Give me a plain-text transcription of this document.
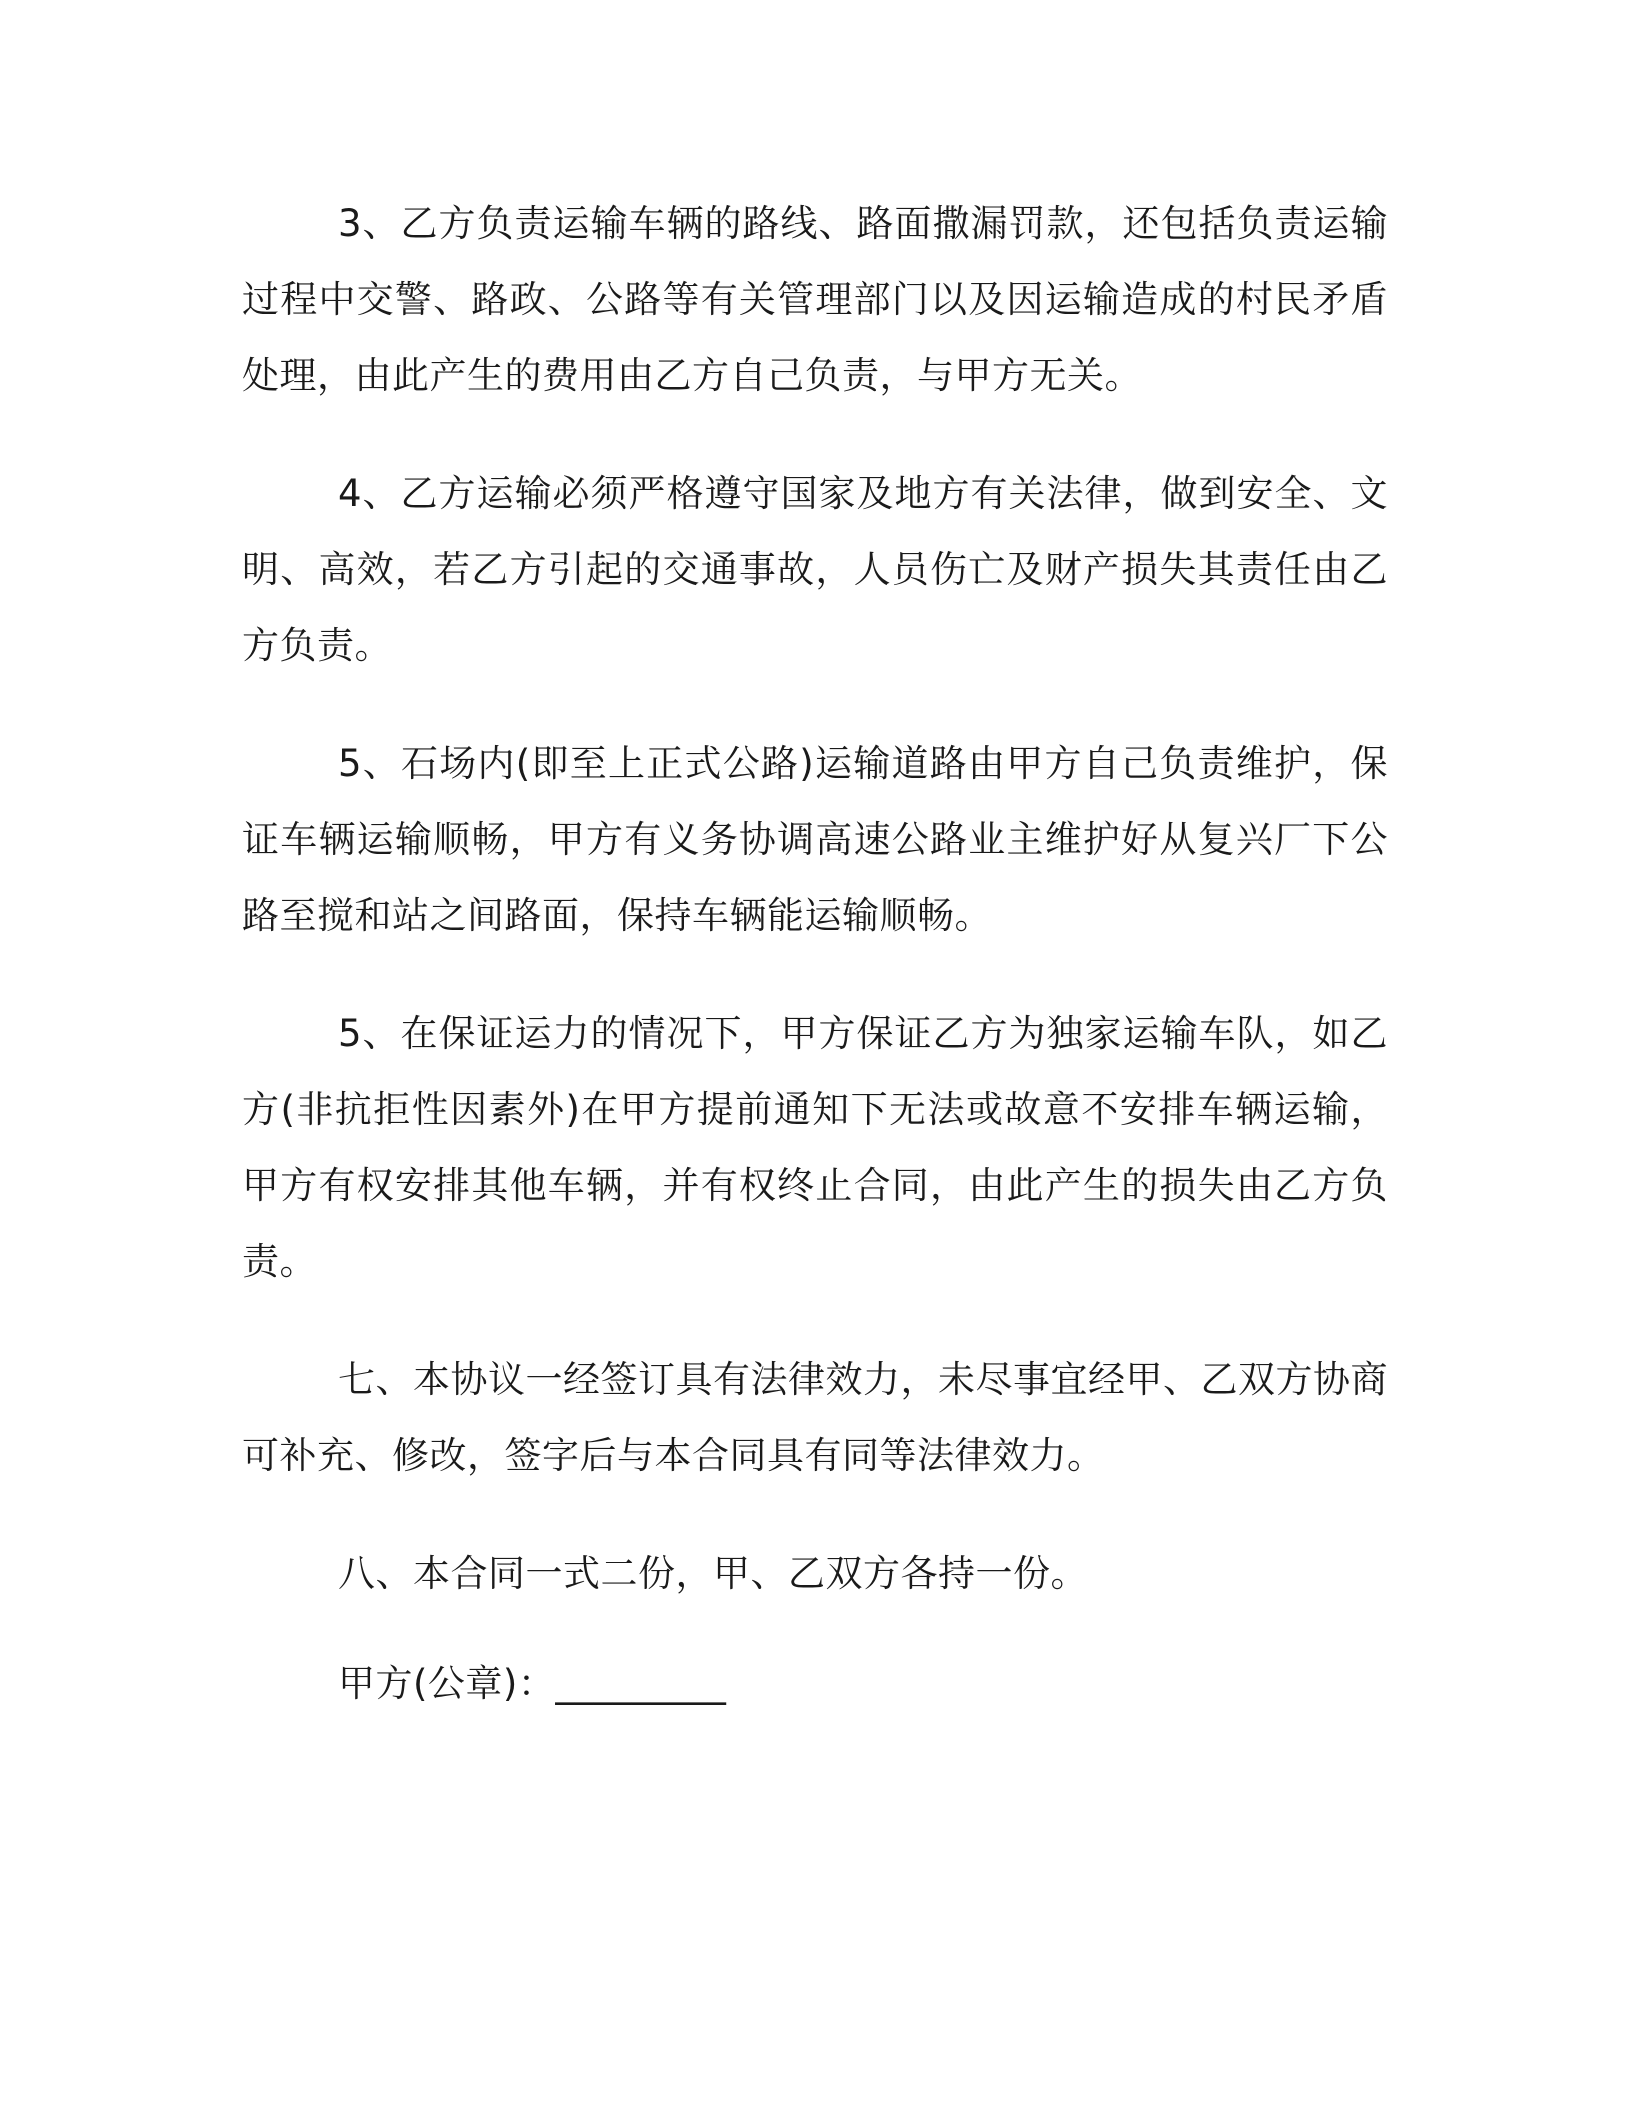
3、乙方负责运输车辆的路线、路面撒漏罚款，还包括负责运输过程中交警、路政、公路等有关管理部门以及因运输造成的村民矛盾处理，由此产生的费用由乙方自己负责，与甲方无关。

4、乙方运输必须严格遵守国家及地方有关法律，做到安全、文明、高效，若乙方引起的交通事故，人员伤亡及财产损失其责任由乙方负责。

5、石场内(即至上正式公路)运输道路由甲方自己负责维护，保证车辆运输顺畅，甲方有义务协调高速公路业主维护好从复兴厂下公路至搅和站之间路面，保持车辆能运输顺畅。

5、在保证运力的情况下，甲方保证乙方为独家运输车队，如乙方(非抗拒性因素外)在甲方提前通知下无法或故意不安排车辆运输，甲方有权安排其他车辆，并有权终止合同，由此产生的损失由乙方负责。

七、本协议一经签订具有法律效力，未尽事宜经甲、乙双方协商可补充、修改，签字后与本合同具有同等法律效力。

八、本合同一式二份，甲、乙双方各持一份。

甲方(公章)：_________
